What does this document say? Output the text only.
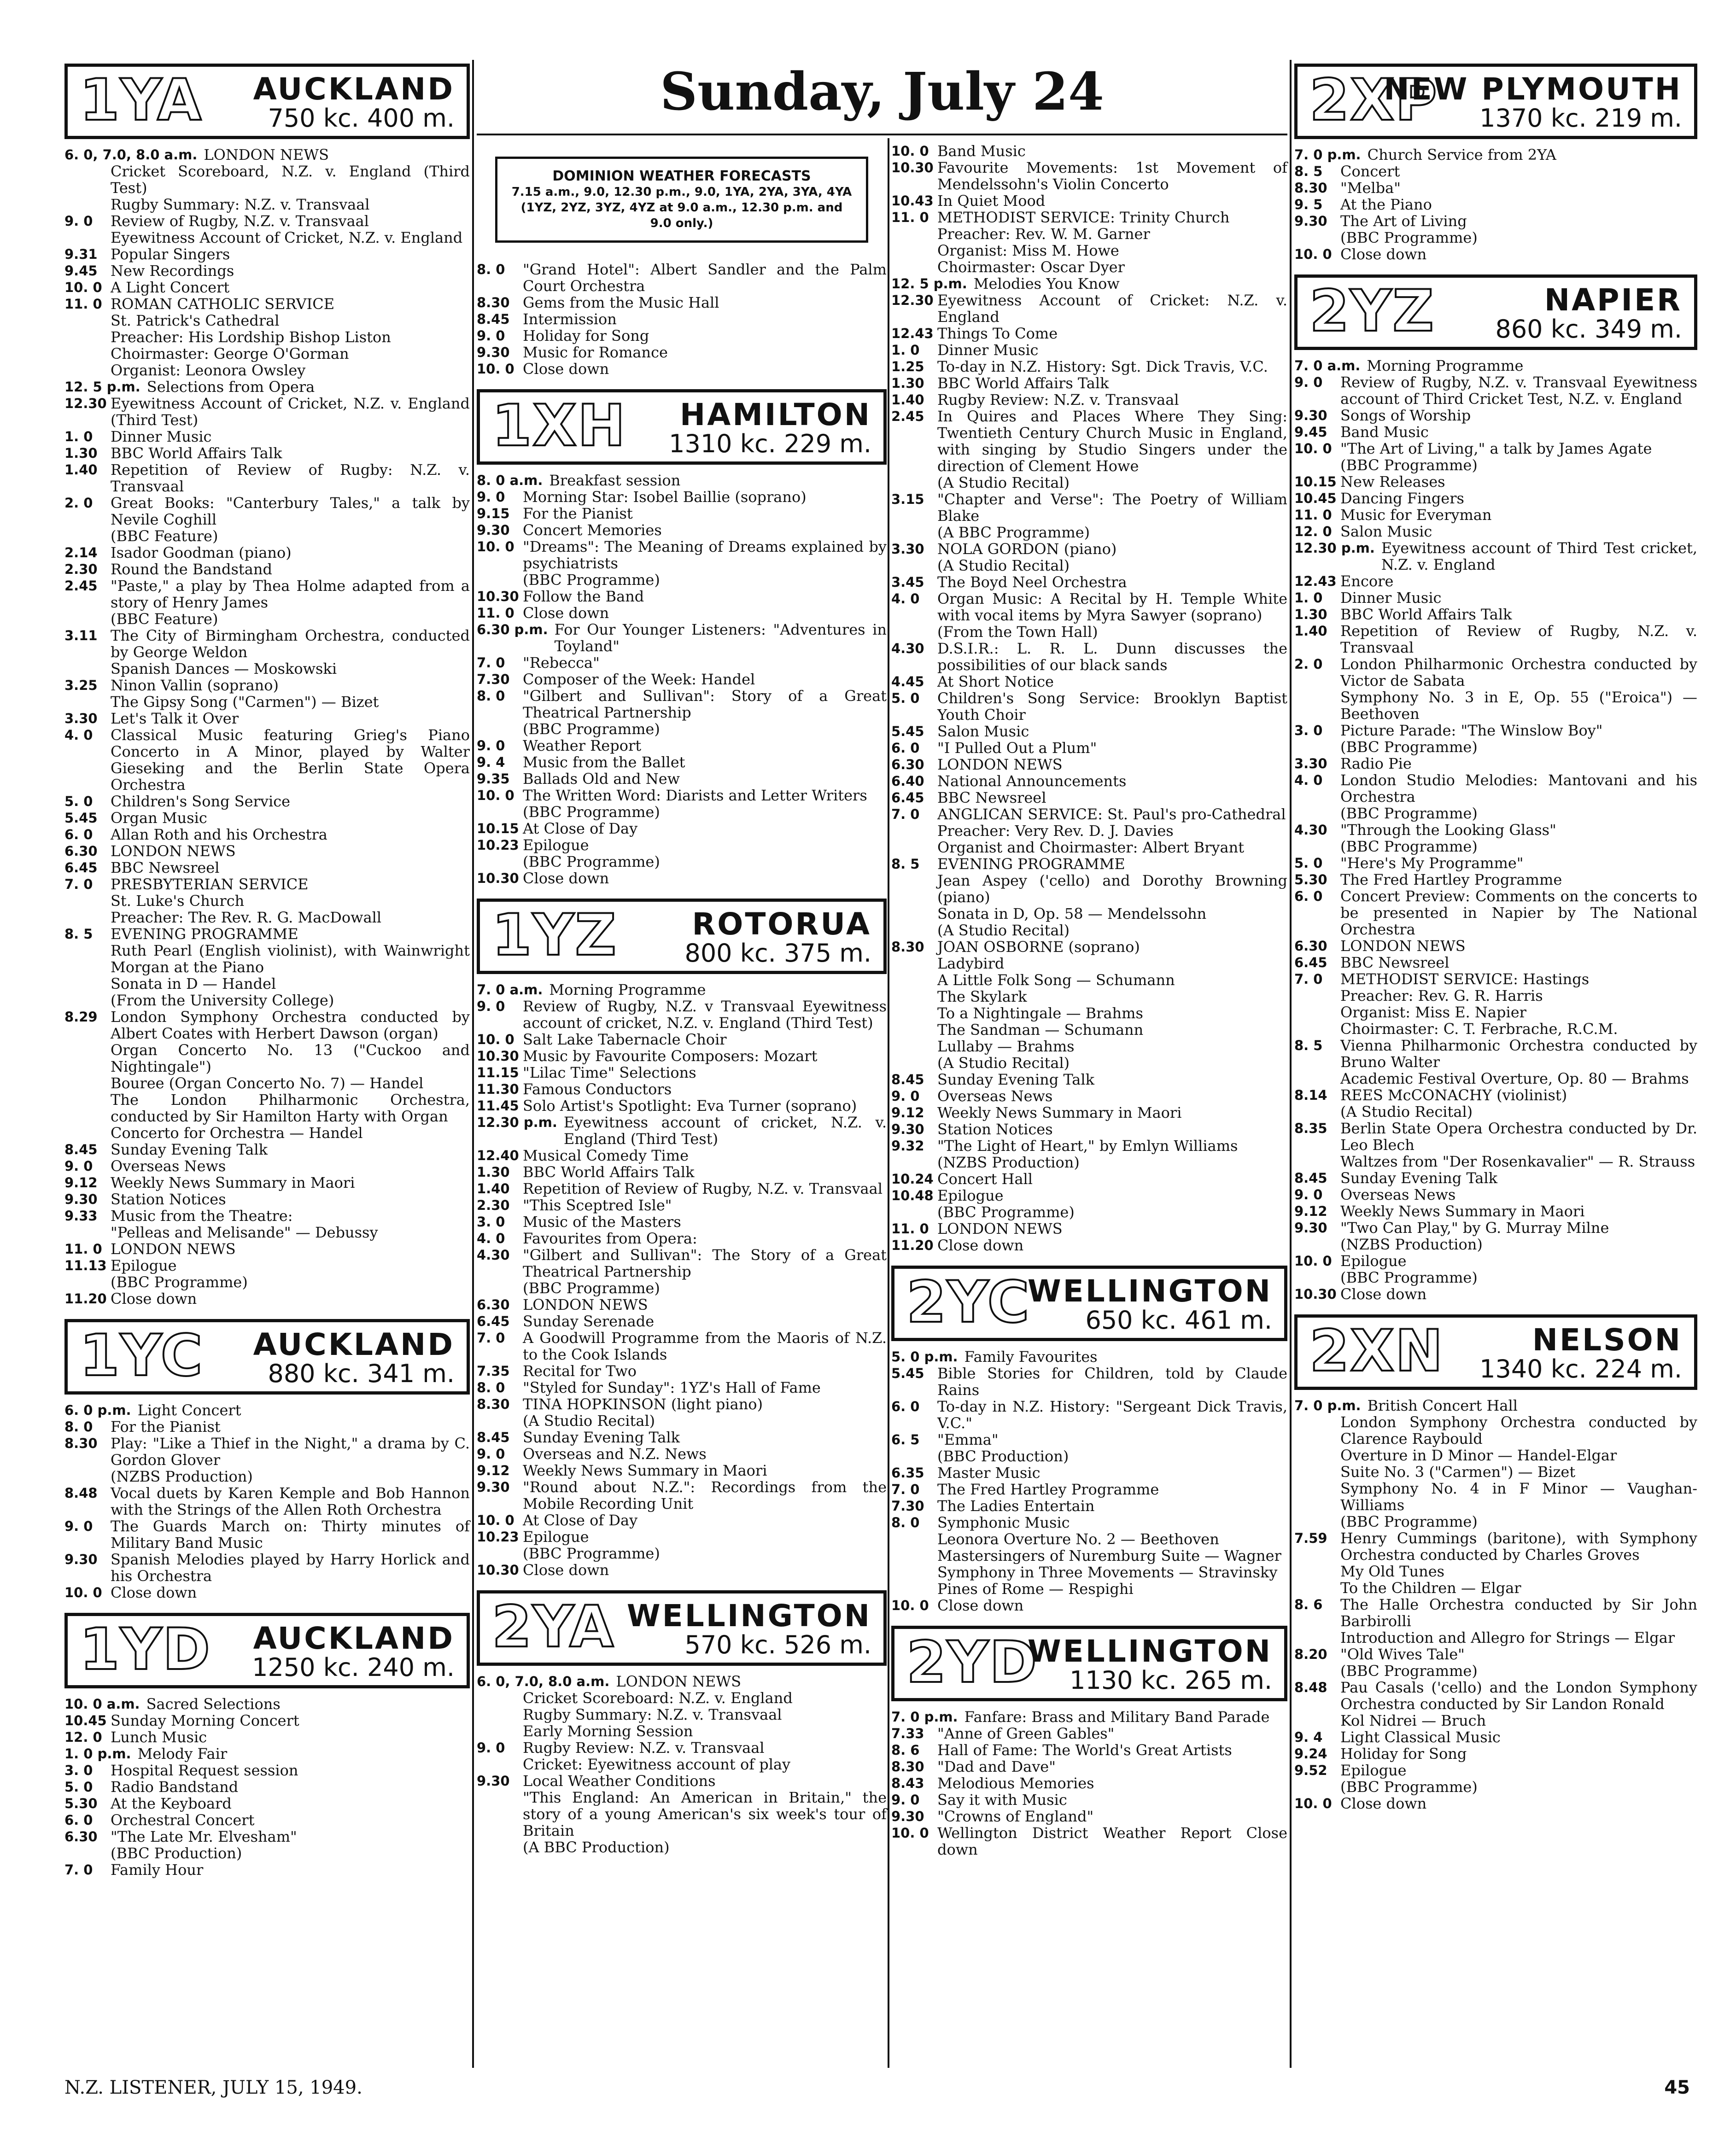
Sunday, July 24
1YA AUCKLAND
750 kc. 400 m.
6. 0, 7.0, 8.0 a.m. LONDON NEWS
Cricket Scoreboard, N.Z. v. England (Third Test)
Rugby Summary: N.Z. v. Transvaal
9. 0	Review of Rugby, N.Z. v. Transvaal
Eyewitness Account of Cricket, N.Z. v. England
9.31 Popular Singers
9.45 New Recordings
10. 0 A Light Concert
11. 0 ROMAN CATHOLIC SERVICE
St. Patrick's Cathedral
Preacher: His Lordship Bishop Liston
Choirmaster: George O'Gorman
Organist: Leonora Owsley
12. 5 p.m. Selections from Opera
12.30 Eyewitness Account of Cricket, N.Z. v. England (Third Test)
1. 0	Dinner Music
1.30 BBC World Affairs Talk
1.40 Repetition of Review of Rugby: N.Z. v. Transvaal
2. 0	Great Books: "Canterbury Tales," a talk by Nevile Coghill
(BBC Feature)
2.14 Isador Goodman (piano)
2.30 Round the Bandstand
2.45 "Paste," a play by Thea Holme adapted from a story of Henry James
(BBC Feature)
3.11 The City of Birmingham Orchestra, conducted by George Weldon
Spanish Dances — Moskowski
3.25 Ninon Vallin (soprano)
The Gipsy Song ("Carmen") — Bizet
3.30 Let's Talk it Over
4. 0	Classical Music featuring Grieg's Piano Concerto in A Minor, played by Walter Gieseking and the Berlin State Opera Orchestra
5. 0	Children's Song Service
5.45 Organ Music
6. 0	Allan Roth and his Orchestra
6.30 LONDON NEWS
6.45 BBC Newsreel
7. 0	PRESBYTERIAN SERVICE
St. Luke's Church
Preacher: The Rev. R. G. MacDowall
8. 5	EVENING PROGRAMME
Ruth Pearl (English violinist), with Wainwright Morgan at the Piano
Sonata in D — Handel
(From the University College)
8.29 London Symphony Orchestra conducted by Albert Coates with Herbert Dawson (organ)
Organ Concerto No. 13 ("Cuckoo and Nightingale")
Bouree (Organ Concerto No. 7) — Handel
The London Philharmonic Orchestra, conducted by Sir Hamilton Harty with Organ
Concerto for Orchestra — Handel
8.45 Sunday Evening Talk
9. 0	Overseas News
9.12 Weekly News Summary in Maori
9.30 Station Notices
9.33 Music from the Theatre:
"Pelleas and Melisande" — Debussy
11. 0 LONDON NEWS
11.13 Epilogue
(BBC Programme)
11.20 Close down
1YC AUCKLAND
880 kc. 341 m.
6. 0 p.m. Light Concert
8. 0	For the Pianist
8.30 Play: "Like a Thief in the Night," a drama by C. Gordon Glover
(NZBS Production)
8.48 Vocal duets by Karen Kemple and Bob Hannon with the Strings of the Allen Roth Orchestra
9. 0	The Guards March on: Thirty minutes of Military Band Music
9.30 Spanish Melodies played by Harry Horlick and his Orchestra
10. 0 Close down
1YD AUCKLAND
1250 kc. 240 m.
10. 0 a.m. Sacred Selections
10.45 Sunday Morning Concert
12. 0 Lunch Music
1. 0 p.m. Melody Fair
3. 0	Hospital Request session
5. 0	Radio Bandstand
5.30 At the Keyboard
6. 0	Orchestral Concert
6.30 "The Late Mr. Elvesham"
(BBC Production)
7. 0	Family Hour
DOMINION WEATHER FORECASTS
7.15 a.m., 9.0, 12.30 p.m., 9.0, 1YA, 2YA, 3YA, 4YA (1YZ, 2YZ, 3YZ, 4YZ at 9.0 a.m., 12.30 p.m. and 9.0 only.)
8. 0	"Grand Hotel": Albert Sandler and the Palm Court Orchestra
8.30 Gems from the Music Hall
8.45 Intermission
9. 0	Holiday for Song
9.30 Music for Romance
10. 0 Close down
1XH HAMILTON
1310 kc. 229 m.
8. 0 a.m. Breakfast session
9. 0	Morning Star: Isobel Baillie (soprano)
9.15 For the Pianist
9.30 Concert Memories
10. 0 "Dreams": The Meaning of Dreams explained by psychiatrists
(BBC Programme)
10.30 Follow the Band
11. 0 Close down
6.30 p.m. For Our Younger Listeners: "Adventures in Toyland"
7. 0	"Rebecca"
7.30 Composer of the Week: Handel
8. 0	"Gilbert and Sullivan": Story of a Great Theatrical Partnership
(BBC Programme)
9. 0	Weather Report
9. 4	Music from the Ballet
9.35 Ballads Old and New
10. 0 The Written Word: Diarists and Letter Writers
(BBC Programme)
10.15 At Close of Day
10.23 Epilogue
(BBC Programme)
10.30 Close down
1YZ ROTORUA
800 kc. 375 m.
7. 0 a.m. Morning Programme
9. 0	Review of Rugby, N.Z. v Transvaal Eyewitness account of cricket, N.Z. v. England (Third Test)
10. 0 Salt Lake Tabernacle Choir
10.30 Music by Favourite Composers: Mozart
11.15 "Lilac Time" Selections
11.30 Famous Conductors
11.45 Solo Artist's Spotlight: Eva Turner (soprano)
12.30 p.m. Eyewitness account of cricket, N.Z. v. England (Third Test)
12.40 Musical Comedy Time
1.30 BBC World Affairs Talk
1.40 Repetition of Review of Rugby, N.Z. v. Transvaal
2.30 "This Sceptred Isle"
3. 0	Music of the Masters
4. 0	Favourites from Opera:
4.30 "Gilbert and Sullivan": The Story of a Great Theatrical Partnership
(BBC Programme)
6.30 LONDON NEWS
6.45 Sunday Serenade
7. 0	A Goodwill Programme from the Maoris of N.Z. to the Cook Islands
7.35 Recital for Two
8. 0	"Styled for Sunday": 1YZ's Hall of Fame
8.30 TINA HOPKINSON (light piano)
(A Studio Recital)
8.45 Sunday Evening Talk
9. 0	Overseas and N.Z. News
9.12 Weekly News Summary in Maori
9.30 "Round about N.Z.": Recordings from the Mobile Recording Unit
10. 0 At Close of Day
10.23 Epilogue
(BBC Programme)
10.30 Close down
2YA WELLINGTON
570 kc. 526 m.
6. 0, 7.0, 8.0 a.m. LONDON NEWS
Cricket Scoreboard: N.Z. v. England
Rugby Summary: N.Z. v. Transvaal
Early Morning Session
9. 0	Rugby Review: N.Z. v. Transvaal
Cricket: Eyewitness account of play
9.30 Local Weather Conditions
"This England: An American in Britain," the story of a young American's six week's tour of Britain
(A BBC Production)
10. 0 Band Music
10.30 Favourite Movements: 1st Movement of Mendelssohn's Violin Concerto
10.43 In Quiet Mood
11. 0 METHODIST SERVICE: Trinity Church
Preacher: Rev. W. M. Garner
Organist: Miss M. Howe
Choirmaster: Oscar Dyer
12. 5 p.m. Melodies You Know
12.30 Eyewitness Account of Cricket: N.Z. v. England
12.43 Things To Come
1. 0	Dinner Music
1.25 To-day in N.Z. History: Sgt. Dick Travis, V.C.
1.30 BBC World Affairs Talk
1.40 Rugby Review: N.Z. v. Transvaal
2.45 In Quires and Places Where They Sing: Twentieth Century Church Music in England, with singing by Studio Singers under the direction of Clement Howe
(A Studio Recital)
3.15 "Chapter and Verse": The Poetry of William Blake
(A BBC Programme)
3.30 NOLA GORDON (piano)
(A Studio Recital)
3.45 The Boyd Neel Orchestra
4. 0	Organ Music: A Recital by H. Temple White with vocal items by Myra Sawyer (soprano)
(From the Town Hall)
4.30 D.S.I.R.: L. R. L. Dunn discusses the possibilities of our black sands
4.45 At Short Notice
5. 0	Children's Song Service: Brooklyn Baptist Youth Choir
5.45 Salon Music
6. 0	"I Pulled Out a Plum"
6.30 LONDON NEWS
6.40 National Announcements
6.45 BBC Newsreel
7. 0	ANGLICAN SERVICE: St. Paul's pro-Cathedral
Preacher: Very Rev. D. J. Davies
Organist and Choirmaster: Albert Bryant
8. 5	EVENING PROGRAMME
Jean Aspey ('cello) and Dorothy Browning (piano)
Sonata in D, Op. 58 — Mendelssohn
(A Studio Recital)
8.30 JOAN OSBORNE (soprano)
Ladybird
A Little Folk Song — Schumann
The Skylark
To a Nightingale — Brahms
The Sandman — Schumann
Lullaby — Brahms
(A Studio Recital)
8.45 Sunday Evening Talk
9. 0	Overseas News
9.12 Weekly News Summary in Maori
9.30 Station Notices
9.32 "The Light of Heart," by Emlyn Williams
(NZBS Production)
10.24 Concert Hall
10.48 Epilogue
(BBC Programme)
11. 0 LONDON NEWS
11.20 Close down
2YC
WELLINGTON
650 kc. 461 m.
5. 0 p.m. Family Favourites
5.45 Bible Stories for Children, told by Claude Rains
6. 0	To-day in N.Z. History: "Sergeant Dick Travis, V.C."
6. 5	"Emma"
(BBC Production)
6.35 Master Music
7. 0	The Fred Hartley Programme
7.30 The Ladies Entertain
8. 0	Symphonic Music
Leonora Overture No. 2 — Beethoven
Mastersingers of Nuremburg Suite — Wagner
Symphony in Three Movements — Stravinsky
Pines of Rome — Respighi
10. 0 Close down
2YD
WELLINGTON
1130 kc. 265 m.
7. 0 p.m. Fanfare: Brass and Military Band Parade
7.33 "Anne of Green Gables"
8. 6	Hall of Fame: The World's Great Artists
8.30 "Dad and Dave"
8.43 Melodious Memories
9. 0	Say it with Music
9.30 "Crowns of England"
10. 0 Wellington District Weather Report Close down
2XP
NEW PLYMOUTH
1370 kc. 219 m.
7. 0 p.m. Church Service from 2YA
8. 5	Concert
8.30 "Melba"
9. 5	At the Piano
9.30 The Art of Living
(BBC Programme)
10. 0 Close down
2YZ	NAPIER
860 kc. 349 m.
7. 0 a.m. Morning Programme
9. 0	Review of Rugby, N.Z. v. Transvaal Eyewitness account of Third Cricket Test, N.Z. v. England
9.30 Songs of Worship
9.45 Band Music
10. 0 "The Art of Living," a talk by James Agate
(BBC Programme)
10.15 New Releases
10.45 Dancing Fingers
11. 0 Music for Everyman
12. 0 Salon Music
12.30 p.m. Eyewitness account of Third Test cricket, N.Z. v. England
12.43 Encore
1. 0	Dinner Music
1.30 BBC World Affairs Talk
1.40 Repetition of Review of Rugby, N.Z. v. Transvaal
2. 0	London Philharmonic Orchestra conducted by Victor de Sabata
Symphony No. 3 in E, Op. 55 ("Eroica") — Beethoven
3. 0	Picture Parade: "The Winslow Boy"
(BBC Programme)
3.30 Radio Pie
4. 0	London Studio Melodies: Mantovani and his Orchestra
(BBC Programme)
4.30 "Through the Looking Glass"
(BBC Programme)
5. 0	"Here's My Programme"
5.30 The Fred Hartley Programme
6. 0	Concert Preview: Comments on the concerts to be presented in Napier by The National Orchestra
6.30 LONDON NEWS
6.45 BBC Newsreel
7. 0	METHODIST SERVICE: Hastings
Preacher: Rev. G. R. Harris
Organist: Miss E. Napier
Choirmaster: C. T. Ferbrache, R.C.M.
8. 5	Vienna Philharmonic Orchestra conducted by Bruno Walter
Academic Festival Overture, Op. 80 — Brahms
8.14 REES McCONACHY (violinist)
(A Studio Recital)
8.35 Berlin State Opera Orchestra conducted by Dr. Leo Blech
Waltzes from "Der Rosenkavalier" — R. Strauss
8.45 Sunday Evening Talk
9. 0	Overseas News
9.12 Weekly News Summary in Maori
9.30 "Two Can Play," by G. Murray Milne
(NZBS Production)
10. 0 Epilogue
(BBC Programme)
10.30 Close down
2XN	NELSON
1340 kc. 224 m.
7. 0 p.m. British Concert Hall
London Symphony Orchestra conducted by Clarence Raybould
Overture in D Minor — Handel-Elgar
Suite No. 3 ("Carmen") — Bizet
Symphony No. 4 in F Minor — Vaughan-Williams
(BBC Programme)
7.59 Henry Cummings (baritone), with Symphony Orchestra conducted by Charles Groves
My Old Tunes
To the Children — Elgar
8. 6	The Halle Orchestra conducted by Sir John Barbirolli
Introduction and Allegro for Strings — Elgar
8.20 "Old Wives Tale"
(BBC Programme)
8.48 Pau Casals ('cello) and the London Symphony Orchestra conducted by Sir Landon Ronald
Kol Nidrei — Bruch
9. 4	Light Classical Music
9.24 Holiday for Song
9.52 Epilogue
(BBC Programme)
10. 0 Close down
N.Z. LISTENER, JULY 15, 1949.	45
